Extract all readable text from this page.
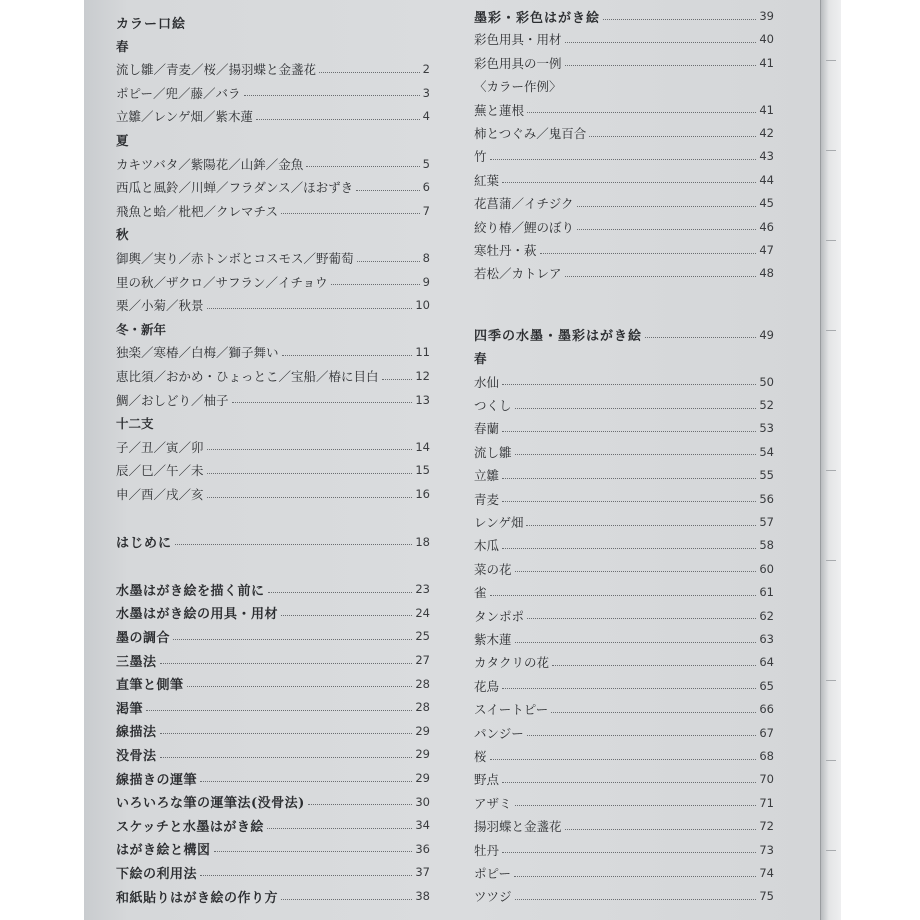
カラー口絵
春
流し雛／青麦／桜／揚羽蝶と金盞花	2
ポピー／兜／藤／バラ	3
立雛／レンゲ畑／紫木蓮	4
夏
カキツバタ／紫陽花／山鉾／金魚	5
西瓜と風鈴／川蝉／フラダンス／ほおずき	6
飛魚と蛤／枇杷／クレマチス	7
秋
御輿／実り／赤トンボとコスモス／野葡萄	8
里の秋／ザクロ／サフラン／イチョウ	9
栗／小菊／秋景	10
冬・新年
独楽／寒椿／白梅／獅子舞い	11
恵比須／おかめ・ひょっとこ／宝船／椿に目白	12
鯛／おしどり／柚子	13
十二支
子／丑／寅／卯	14
辰／巳／午／未	15
申／酉／戌／亥	16
はじめに	18
水墨はがき絵を描く前に	23
水墨はがき絵の用具・用材	24
墨の調合	25
三墨法	27
直筆と側筆	28
渇筆	28
線描法	29
没骨法	29
線描きの運筆	29
いろいろな筆の運筆法(没骨法)	30
スケッチと水墨はがき絵	34
はがき絵と構図	36
下絵の利用法	37
和紙貼りはがき絵の作り方	38
墨彩・彩色はがき絵	39
彩色用具・用材	40
彩色用具の一例	41
〈カラー作例〉
蕪と蓮根	41
柿とつぐみ／鬼百合	42
竹	43
紅葉	44
花菖蒲／イチジク	45
絞り椿／鯉のぼり	46
寒牡丹・萩	47
若松／カトレア	48
四季の水墨・墨彩はがき絵	49
春
水仙	50
つくし	52
春蘭	53
流し雛	54
立雛	55
青麦	56
レンゲ畑	57
木瓜	58
菜の花	60
雀	61
タンポポ	62
紫木蓮	63
カタクリの花	64
花鳥	65
スイートピー	66
パンジー	67
桜	68
野点	70
アザミ	71
揚羽蝶と金盞花	72
牡丹	73
ポピー	74
ツツジ	75
